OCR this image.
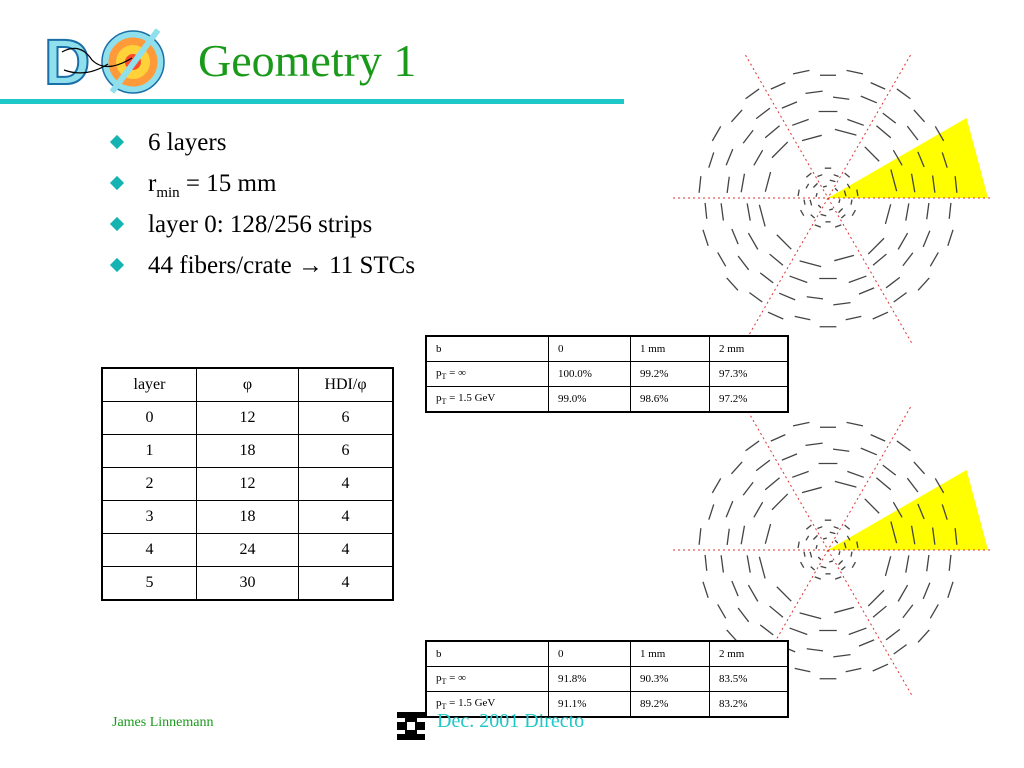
D Geometry 1
6 layers
$r_{min} = 15$ mm
layer 0: 128/256 strips
44 fibers/crate → 11 STCs
layer	φ	HDI/φ
0	12	6
1	18	6
2	12	4
3	18	4
4	24	4
5	30	4
b	0	1 mm	2 mm
$p_T$ = ∞	100.0%	99.2%	97.3%
$p_T = 1.5$ GeV	99.0%	98.6%	97.2%
b	0	1 mm	2 mm
$p_T$ = ∞	91.8%	90.3%	83.5%
$p_T = 1.5$ GeV	91.1%	89.2%	83.2%
James Linnemann	Dec. 2001 Directo
